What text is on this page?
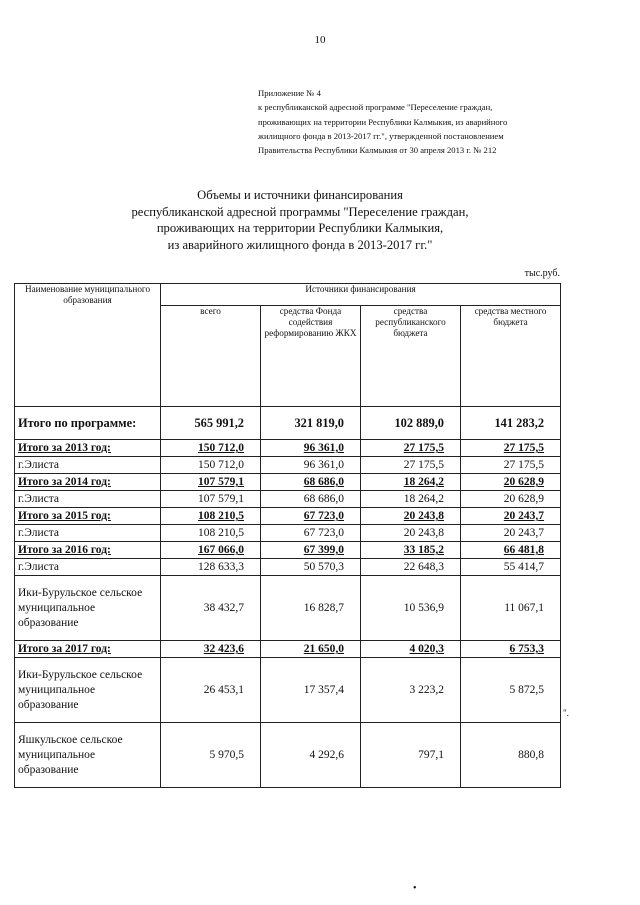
10
Приложение № 4
к республиканской адресной программе "Переселение граждан,
проживающих на территории Республики Калмыкия, из аварийного
жилищного фонда в 2013-2017 гг.", утвержденной постановлением
Правительства Республики Калмыкия от 30 апреля 2013 г. № 212
Объемы и источники финансирования
республиканской адресной программы "Переселение граждан,
проживающих на территории Республики Калмыкия,
из аварийного жилищного фонда в 2013-2017 гг."
тыс.руб.
Наименование муниципального образования	Источники финансирования			
	всего	средства Фонда содействия реформированию ЖКХ	средства республиканского бюджета	средства местного бюджета
Итого по программе:	565 991,2	321 819,0	102 889,0	141 283,2
Итого за 2013 год:	150 712,0	96 361,0	27 175,5	27 175,5
г.Элиста	150 712,0	96 361,0	27 175,5	27 175,5
Итого за 2014 год:	107 579,1	68 686,0	18 264,2	20 628,9
г.Элиста	107 579,1	68 686,0	18 264,2	20 628,9
Итого за 2015 год:	108 210,5	67 723,0	20 243,8	20 243,7
г.Элиста	108 210,5	67 723,0	20 243,8	20 243,7
Итого за 2016 год:	167 066,0	67 399,0	33 185,2	66 481,8
г.Элиста	128 633,3	50 570,3	22 648,3	55 414,7
Ики-Бурульское сельское муниципальное образование	38 432,7	16 828,7	10 536,9	11 067,1
Итого за 2017 год:	32 423,6	21 650,0	4 020,3	6 753,3
Ики-Бурульское сельское муниципальное образование	26 453,1	17 357,4	3 223,2	5 872,5
Яшкульское сельское муниципальное образование	5 970,5	4 292,6	797,1	880,8
".
•
